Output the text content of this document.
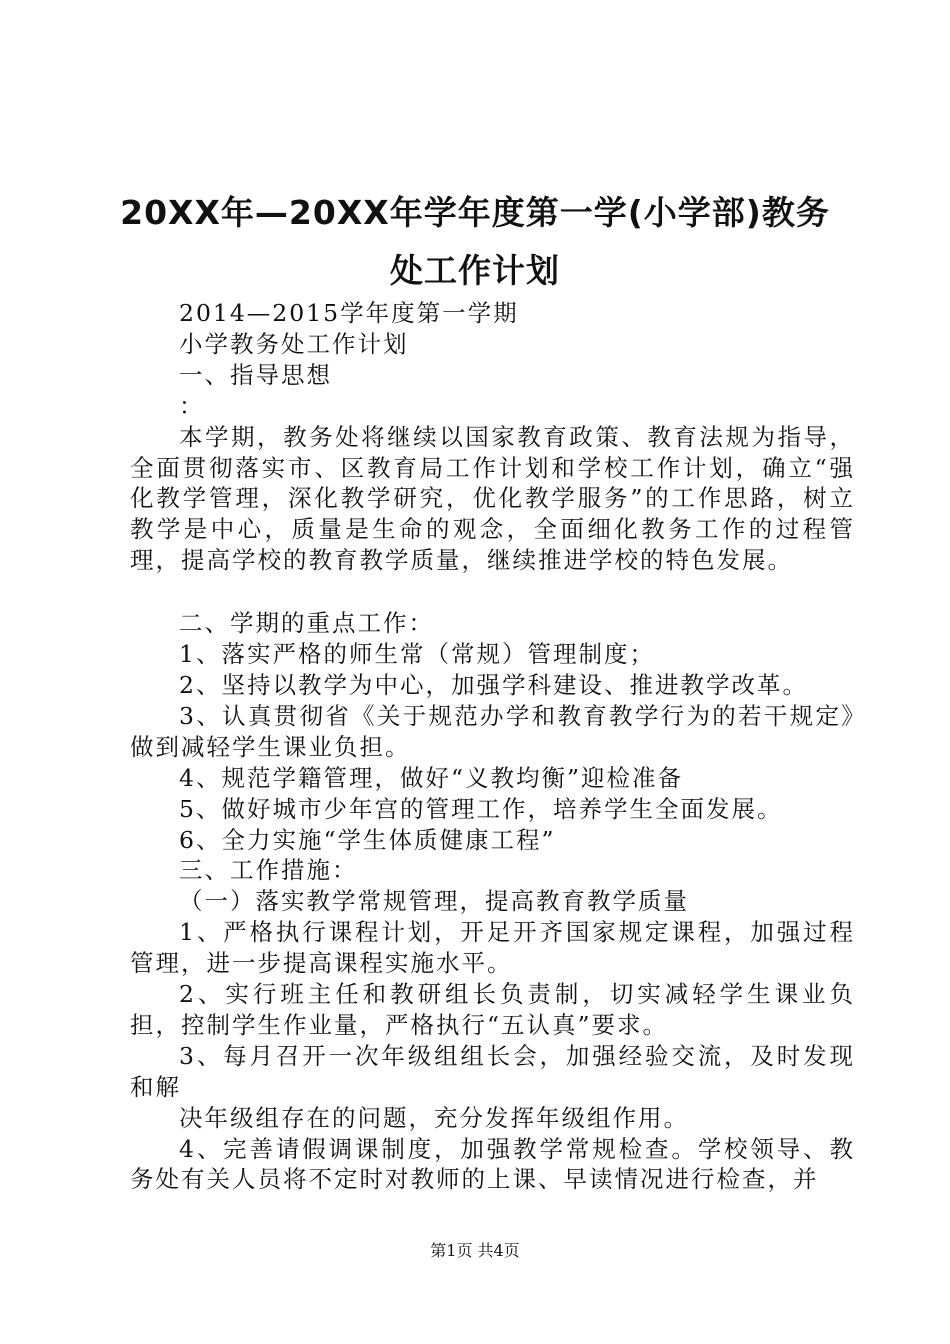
20XX年—20XX年学年度第一学(小学部)教务
处工作计划

2014—2015学年度第一学期

小学教务处工作计划

一、指导思想

：

本学期，教务处将继续以国家教育政策、教育法规为指导，全面贯彻落实市、区教育局工作计划和学校工作计划，确立“强化教学管理，深化教学研究，优化教学服务”的工作思路，树立教学是中心，质量是生命的观念，全面细化教务工作的过程管理，提高学校的教育教学质量，继续推进学校的特色发展。

二、学期的重点工作：

1、落实严格的师生常（常规）管理制度；

2、坚持以教学为中心，加强学科建设、推进教学改革。

3、认真贯彻省《关于规范办学和教育教学行为的若干规定》做到减轻学生课业负担。

4、规范学籍管理，做好“义教均衡”迎检准备

5、做好城市少年宫的管理工作，培养学生全面发展。

6、全力实施“学生体质健康工程”

三、工作措施：

（一）落实教学常规管理，提高教育教学质量

1、严格执行课程计划，开足开齐国家规定课程，加强过程管理，进一步提高课程实施水平。

2、实行班主任和教研组长负责制，切实减轻学生课业负担，控制学生作业量，严格执行“五认真”要求。

3、每月召开一次年级组组长会，加强经验交流，及时发现和解

决年级组存在的问题，充分发挥年级组作用。

4、完善请假调课制度，加强教学常规检查。学校领导、教务处有关人员将不定时对教师的上课、早读情况进行检查，并

第1页 共4页
